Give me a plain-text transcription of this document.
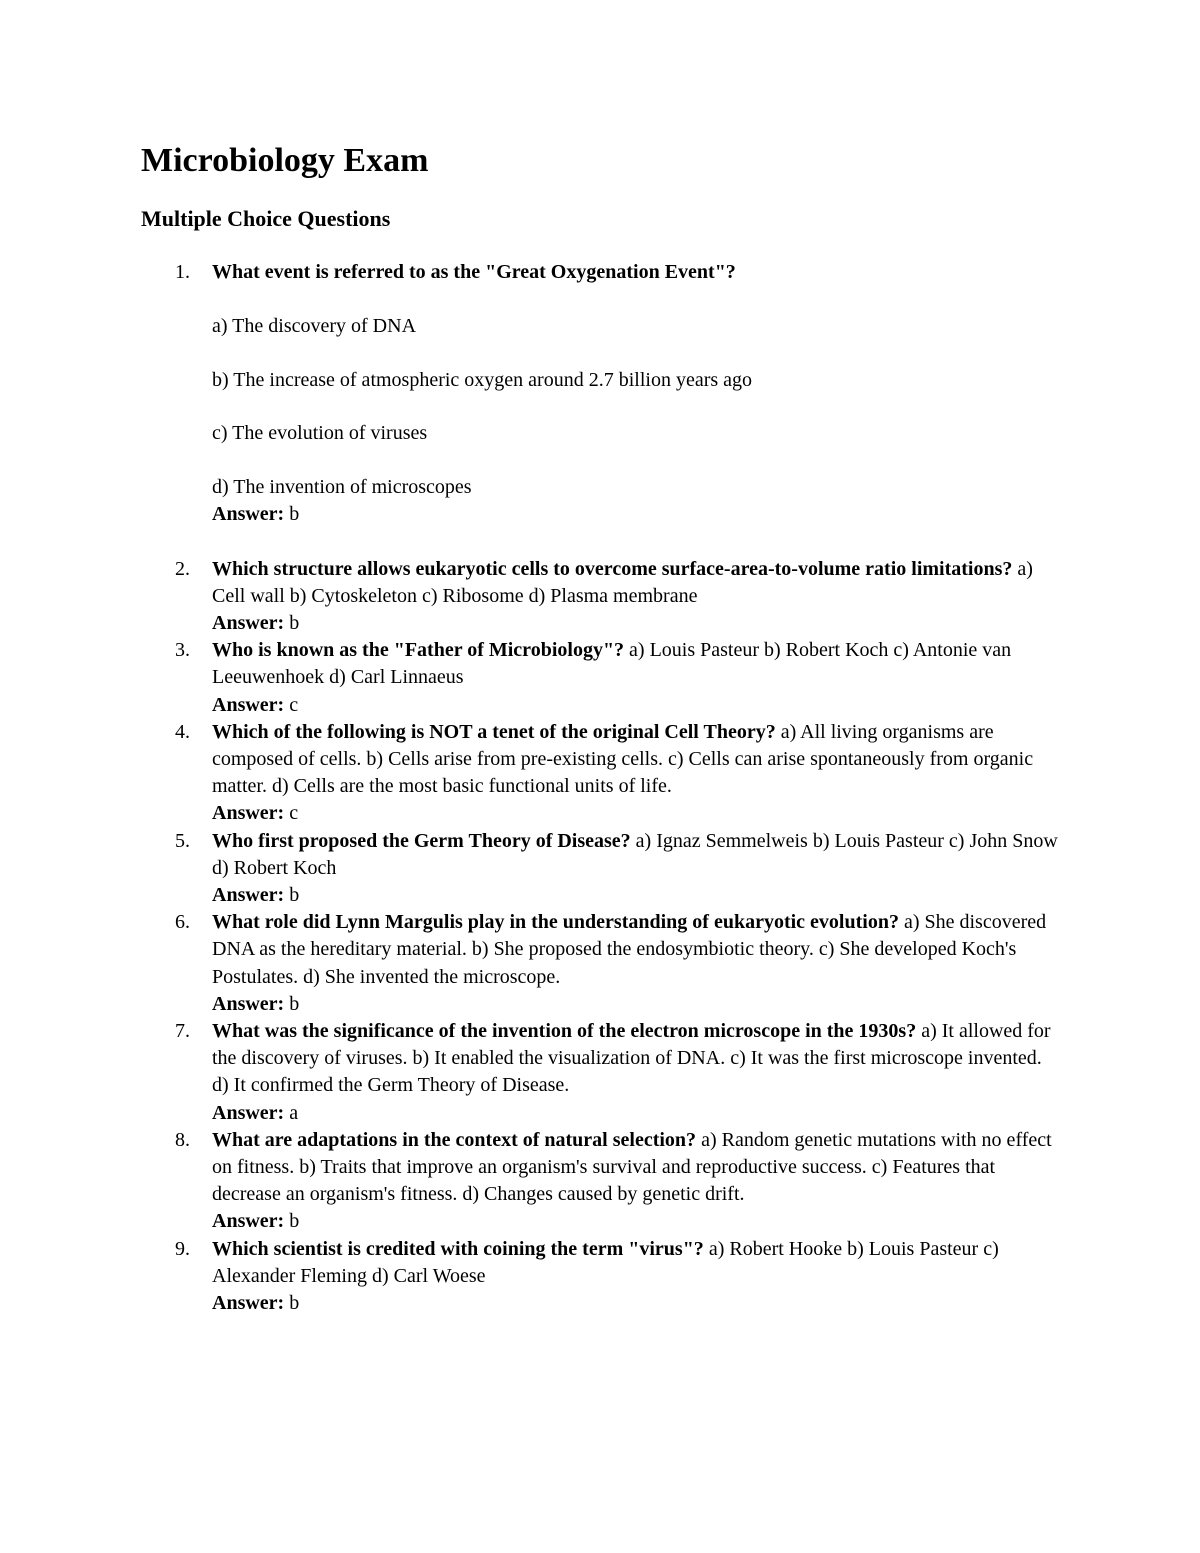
Microbiology Exam
Multiple Choice Questions
1. What event is referred to as the "Great Oxygenation Event"?
a) The discovery of DNA
b) The increase of atmospheric oxygen around 2.7 billion years ago
c) The evolution of viruses
d) The invention of microscopes
Answer: b
2. Which structure allows eukaryotic cells to overcome surface-area-to-volume ratio limitations? a) Cell wall b) Cytoskeleton c) Ribosome d) Plasma membrane
Answer: b
3. Who is known as the "Father of Microbiology"? a) Louis Pasteur b) Robert Koch c) Antonie van Leeuwenhoek d) Carl Linnaeus
Answer: c
4. Which of the following is NOT a tenet of the original Cell Theory? a) All living organisms are composed of cells. b) Cells arise from pre-existing cells. c) Cells can arise spontaneously from organic matter. d) Cells are the most basic functional units of life.
Answer: c
5. Who first proposed the Germ Theory of Disease? a) Ignaz Semmelweis b) Louis Pasteur c) John Snow d) Robert Koch
Answer: b
6. What role did Lynn Margulis play in the understanding of eukaryotic evolution? a) She discovered DNA as the hereditary material. b) She proposed the endosymbiotic theory. c) She developed Koch's Postulates. d) She invented the microscope.
Answer: b
7. What was the significance of the invention of the electron microscope in the 1930s? a) It allowed for the discovery of viruses. b) It enabled the visualization of DNA. c) It was the first microscope invented. d) It confirmed the Germ Theory of Disease.
Answer: a
8. What are adaptations in the context of natural selection? a) Random genetic mutations with no effect on fitness. b) Traits that improve an organism's survival and reproductive success. c) Features that decrease an organism's fitness. d) Changes caused by genetic drift.
Answer: b
9. Which scientist is credited with coining the term "virus"? a) Robert Hooke b) Louis Pasteur c) Alexander Fleming d) Carl Woese
Answer: b
